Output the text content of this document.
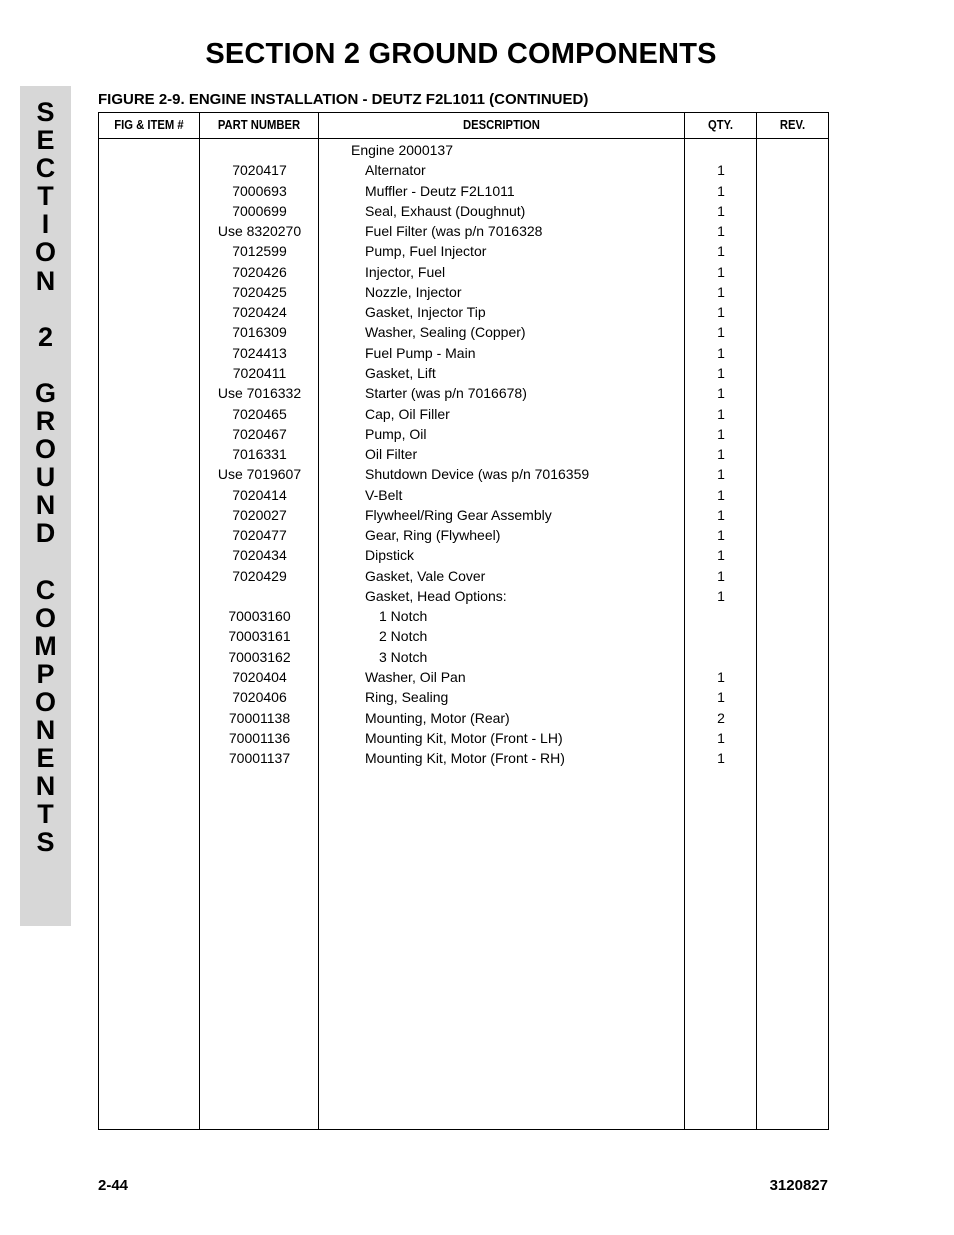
SECTION 2 GROUND COMPONENTS
S
E
C
T
I
O
N
2
G
R
O
U
N
D
C
O
M
P
O
N
E
N
T
S
FIGURE 2-9. ENGINE INSTALLATION - DEUTZ F2L1011 (CONTINUED)
FIG & ITEM #	PART NUMBER	DESCRIPTION	QTY.	REV.
Engine 2000137
7020417	Alternator	1
7000693	Muffler - Deutz F2L1011	1
7000699	Seal, Exhaust (Doughnut)	1
Use 8320270	Fuel Filter (was p/n 7016328	1
7012599	Pump, Fuel Injector	1
7020426	Injector, Fuel	1
7020425	Nozzle, Injector	1
7020424	Gasket, Injector Tip	1
7016309	Washer, Sealing (Copper)	1
7024413	Fuel Pump - Main	1
7020411	Gasket, Lift	1
Use 7016332	Starter (was p/n 7016678)	1
7020465	Cap, Oil Filler	1
7020467	Pump, Oil	1
7016331	Oil Filter	1
Use 7019607	Shutdown Device (was p/n 7016359	1
7020414	V-Belt	1
7020027	Flywheel/Ring Gear Assembly	1
7020477	Gear, Ring (Flywheel)	1
7020434	Dipstick	1
7020429	Gasket, Vale Cover	1
Gasket, Head Options:	1
70003160	1 Notch
70003161	2 Notch
70003162	3 Notch
7020404	Washer, Oil Pan	1
7020406	Ring, Sealing	1
70001138	Mounting, Motor (Rear)	2
70001136	Mounting Kit, Motor (Front - LH)	1
70001137	Mounting Kit, Motor (Front - RH)	1
2-44	3120827
